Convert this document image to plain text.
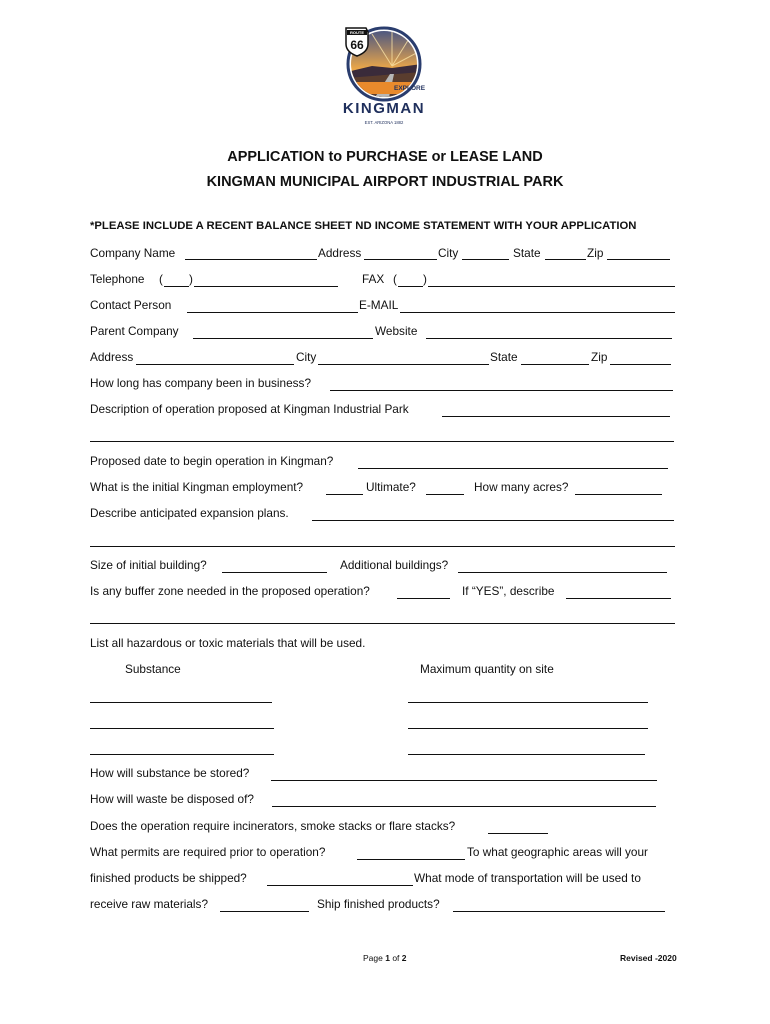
EXPLORE
ROUTE
66
KINGMAN
EST. ARIZONA 1882
APPLICATION to PURCHASE or LEASE LAND
KINGMAN MUNICIPAL AIRPORT INDUSTRIAL PARK
*PLEASE INCLUDE A RECENT BALANCE SHEET ND INCOME STATEMENT WITH YOUR APPLICATION
Company Name	Address	City	State	Zip
Telephone ( )	FAX ( )
Contact Person	E-MAIL
Parent Company	Website
Address	City	State	Zip
How long has company been in business?
Description of operation proposed at Kingman Industrial Park
Proposed date to begin operation in Kingman?
What is the initial Kingman employment?	Ultimate?	How many acres?
Describe anticipated expansion plans.
Size of initial building?	Additional buildings?
Is any buffer zone needed in the proposed operation?	If “YES”, describe
List all hazardous or toxic materials that will be used.
Substance	Maximum quantity on site
How will substance be stored?
How will waste be disposed of?
Does the operation require incinerators, smoke stacks or flare stacks?
What permits are required prior to operation?	To what geographic areas will your
finished products be shipped?	What mode of transportation will be used to
receive raw materials?	Ship finished products?
Page 1 of 2	Revised -2020
